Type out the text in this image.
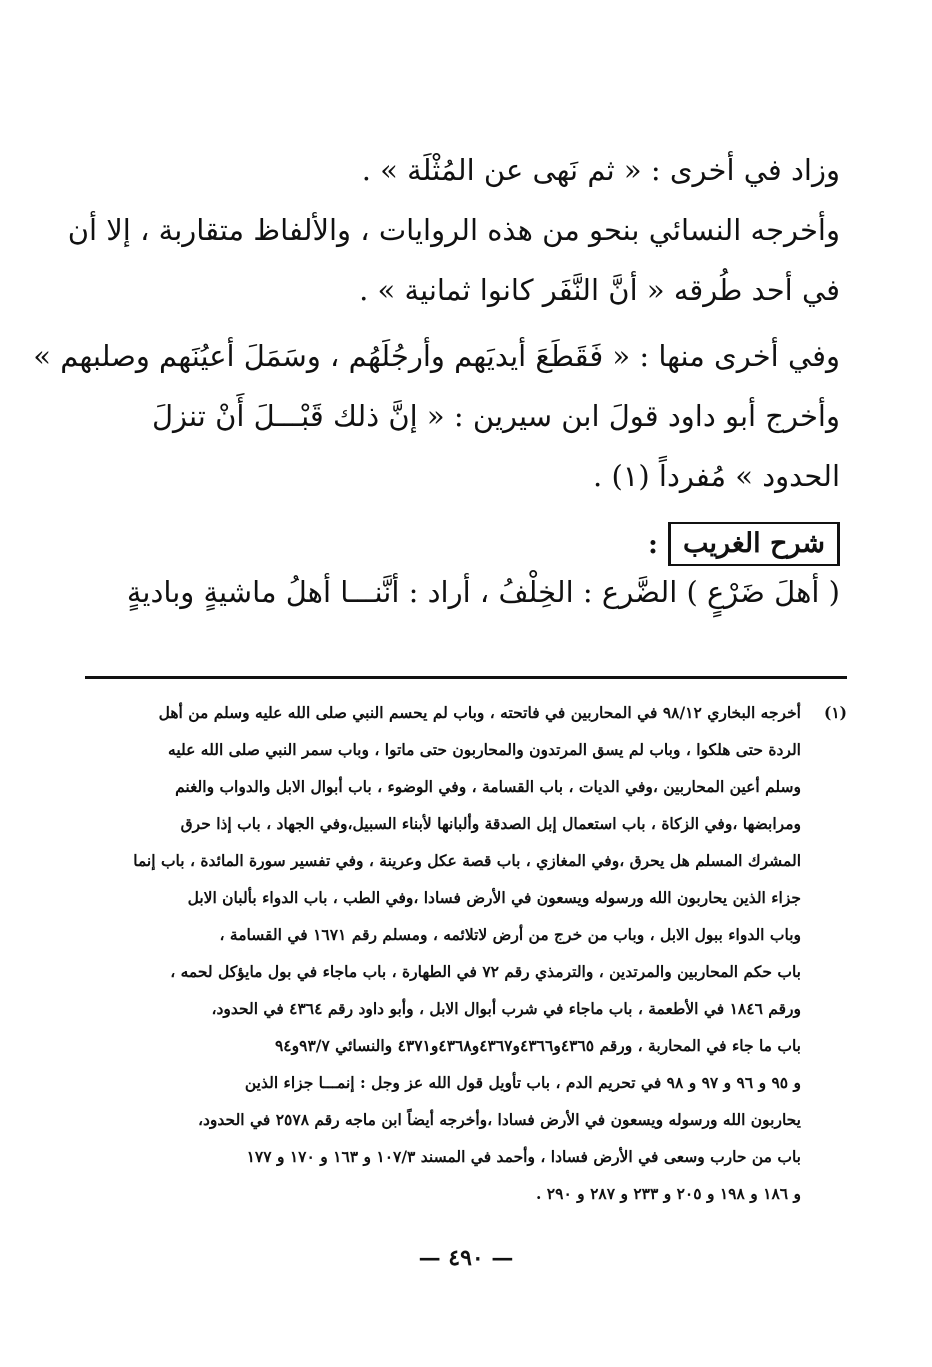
وزاد في أخرى : « ثم نَهى عن المُثْلَة » .
وأخرجه النسائي بنحو من هذه الروايات ، والألفاظ متقاربة ، إلا أن
في أحد طُرقه « أنَّ النَّفَر كانوا ثمانية » .
وفي أخرى منها : « فَقَطَعَ أيديَهم وأرجُلَهُم ، وسَمَلَ أعيُنَهم وصلبهم »
وأخرج أبو داود قولَ ابن سيرين : « إنَّ ذلك قَبْـــلَ أَنْ تنزلَ
الحدود » مُفرداً (١) .
شرح الغريب
:
( أهلَ ضَرْعٍ ) الضَّرع : الخِلْفُ ، أراد : أنَّنـــا أهلُ ماشيةٍ وباديةٍ
(١)أخرجه البخاري ٩٨/١٢ في المحاربين في فاتحته ، وباب لم يحسم النبي صلى الله عليه وسلم من أهل
الردة حتى هلكوا ، وباب لم يسق المرتدون والمحاربون حتى ماتوا ، وباب سمر النبي صلى الله عليه
وسلم أعين المحاربين ،وفي الديات ، باب القسامة ، وفي الوضوء ، باب أبوال الابل والدواب والغنم
ومرابضها ،وفي الزكاة ، باب استعمال إبل الصدقة وألبانها لأبناء السبيل،وفي الجهاد ، باب إذا حرق
المشرك المسلم هل يحرق ،وفي المغازي ، باب قصة عكل وعرينة ، وفي تفسير سورة المائدة ، باب إنما
جزاء الذين يحاربون الله ورسوله ويسعون في الأرض فسادا ،وفي الطب ، باب الدواء بألبان الابل
وباب الدواء ببول الابل ، وباب من خرج من أرض لاتلائمه ، ومسلم رقم ١٦٧١ في القسامة ،
باب حكم المحاربين والمرتدين ، والترمذي رقم ٧٢ في الطهارة ، باب ماجاء في بول مايؤكل لحمه ،
ورقم ١٨٤٦ في الأطعمة ، باب ماجاء في شرب أبوال الابل ، وأبو داود رقم ٤٣٦٤ في الحدود،
باب ما جاء في المحاربة ، ورقم ٤٣٦٥و٤٣٦٦و٤٣٦٧و٤٣٦٨و٤٣٧١ والنسائي ٩٣/٧و٩٤
و ٩٥ و ٩٦ و ٩٧ و ٩٨ في تحريم الدم ، باب تأويل قول الله عز وجل : إنمـــا جزاء الذين
يحاربون الله ورسوله ويسعون في الأرض فسادا ،وأخرجه أيضاً ابن ماجه رقم ٢٥٧٨ في الحدود،
باب من حارب وسعى في الأرض فسادا ، وأحمد في المسند ١٠٧/٣ و ١٦٣ و ١٧٠ و ١٧٧
و ١٨٦ و ١٩٨ و ٢٠٥ و ٢٣٣ و ٢٨٧ و ٢٩٠ .
— ٤٩٠ —
